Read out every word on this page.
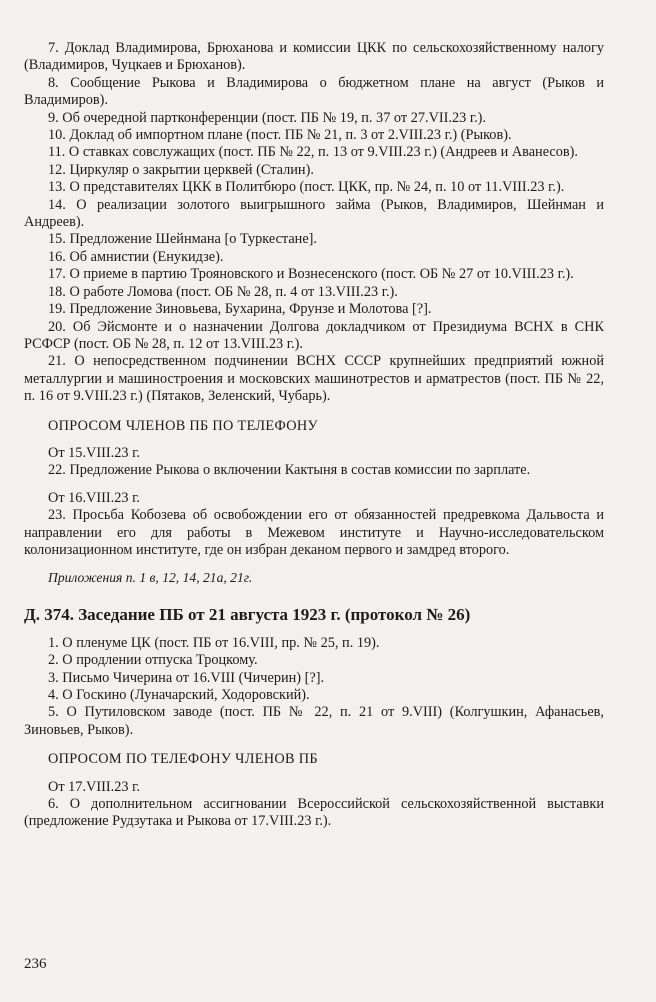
7. Доклад Владимирова, Брюханова и комиссии ЦКК по сельскохозяйственному налогу (Владимиров, Чуцкаев и Брюханов).

8. Сообщение Рыкова и Владимирова о бюджетном плане на август (Рыков и Владимиров).

9. Об очередной партконференции (пост. ПБ № 19, п. 37 от 27.VII.23 г.).

10. Доклад об импортном плане (пост. ПБ № 21, п. 3 от 2.VIII.23 г.) (Рыков).

11. О ставках совслужащих (пост. ПБ № 22, п. 13 от 9.VIII.23 г.) (Андреев и Аванесов).

12. Циркуляр о закрытии церквей (Сталин).

13. О представителях ЦКК в Политбюро (пост. ЦКК, пр. № 24, п. 10 от 11.VIII.23 г.).

14. О реализации золотого выигрышного займа (Рыков, Владимиров, Шейнман и Андреев).

15. Предложение Шейнмана [о Туркестане].

16. Об амнистии (Енукидзе).

17. О приеме в партию Трояновского и Вознесенского (пост. ОБ № 27 от 10.VIII.23 г.).

18. О работе Ломова (пост. ОБ № 28, п. 4 от 13.VIII.23 г.).

19. Предложение Зиновьева, Бухарина, Фрунзе и Молотова [?].

20. Об Эйсмонте и о назначении Долгова докладчиком от Президиума ВСНХ в СНК РСФСР (пост. ОБ № 28, п. 12 от 13.VIII.23 г.).

21. О непосредственном подчинении ВСНХ СССР крупнейших предприятий южной металлургии и машиностроения и московских машинотрестов и арматрестов (пост. ПБ № 22, п. 16 от 9.VIII.23 г.) (Пятаков, Зеленский, Чубарь).

ОПРОСОМ ЧЛЕНОВ ПБ ПО ТЕЛЕФОНУ

От 15.VIII.23 г.

22. Предложение Рыкова о включении Кактыня в состав комиссии по зарплате.

От 16.VIII.23 г.

23. Просьба Кобозева об освобождении его от обязанностей предревкома Дальвоста и направлении его для работы в Межевом институте и Научно-исследовательском колонизационном институте, где он избран деканом первого и замдред второго.

Приложения п. 1 в, 12, 14, 21а, 21г.

Д. 374. Заседание ПБ от 21 августа 1923 г. (протокол № 26)

1. О пленуме ЦК (пост. ПБ от 16.VIII, пр. № 25, п. 19).

2. О продлении отпуска Троцкому.

3. Письмо Чичерина от 16.VIII (Чичерин) [?].

4. О Госкино (Луначарский, Ходоровский).

5. О Путиловском заводе (пост. ПБ № 22, п. 21 от 9.VIII) (Колгушкин, Афанасьев, Зиновьев, Рыков).

ОПРОСОМ ПО ТЕЛЕФОНУ ЧЛЕНОВ ПБ

От 17.VIII.23 г.

6. О дополнительном ассигновании Всероссийской сельскохозяйственной выставки (предложение Рудзутака и Рыкова от 17.VIII.23 г.).

236
